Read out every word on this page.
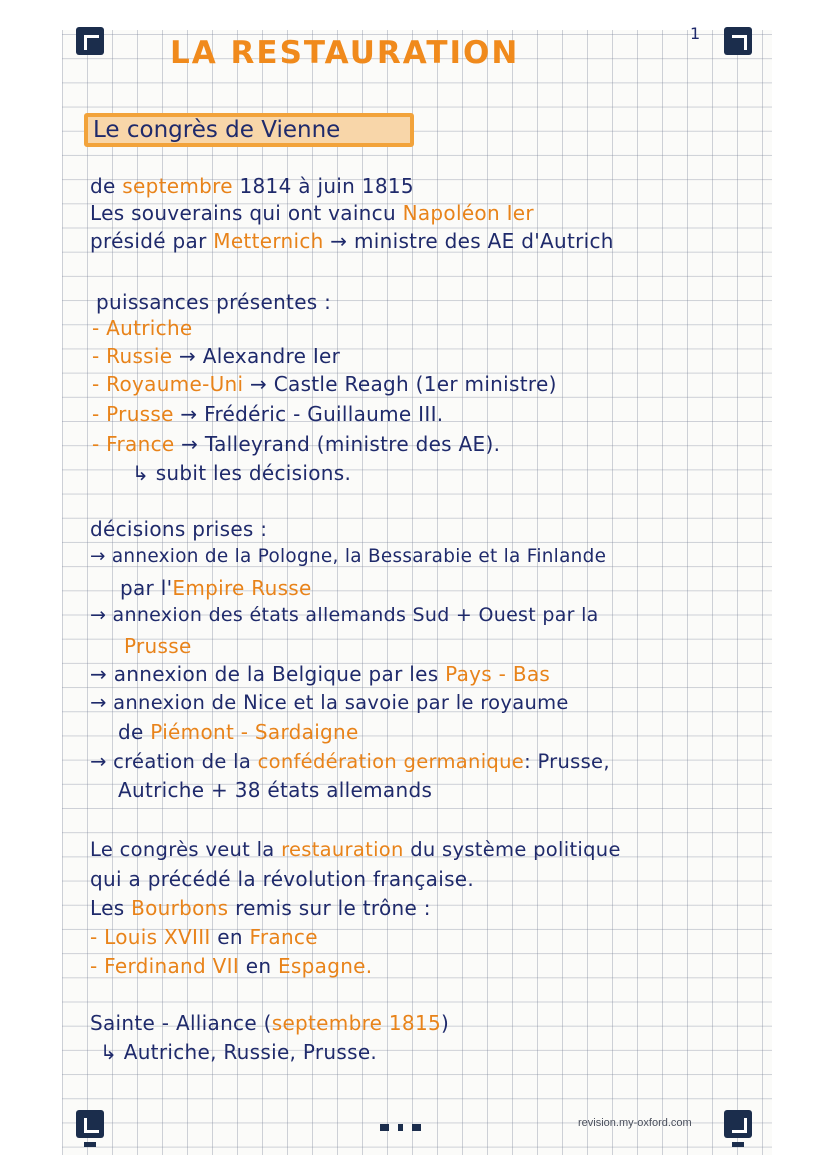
LA RESTAURATION
1
Le congrès de Vienne
de septembre 1814 à juin 1815
Les souverains qui ont vaincu Napoléon Ier
présidé par Metternich → ministre des AE d'Autrich
puissances présentes :
- Autriche
- Russie → Alexandre Ier
- Royaume-Uni → Castle Reagh (1er ministre)
- Prusse → Frédéric - Guillaume III.
- France → Talleyrand (ministre des AE).
↳ subit les décisions.
décisions prises :
→ annexion de la Pologne, la Bessarabie et la Finlande
par l'Empire Russe
→ annexion des états allemands Sud + Ouest par la
Prusse
→ annexion de la Belgique par les Pays - Bas
→ annexion de Nice et la savoie par le royaume
de Piémont - Sardaigne
→ création de la confédération germanique: Prusse,
Autriche + 38 états allemands
Le congrès veut la restauration du système politique
qui a précédé la révolution française.
Les Bourbons remis sur le trône :
- Louis XVIII en France
- Ferdinand VII en Espagne.
Sainte - Alliance (septembre 1815)
↳ Autriche, Russie, Prusse.
revision.my-oxford.com
